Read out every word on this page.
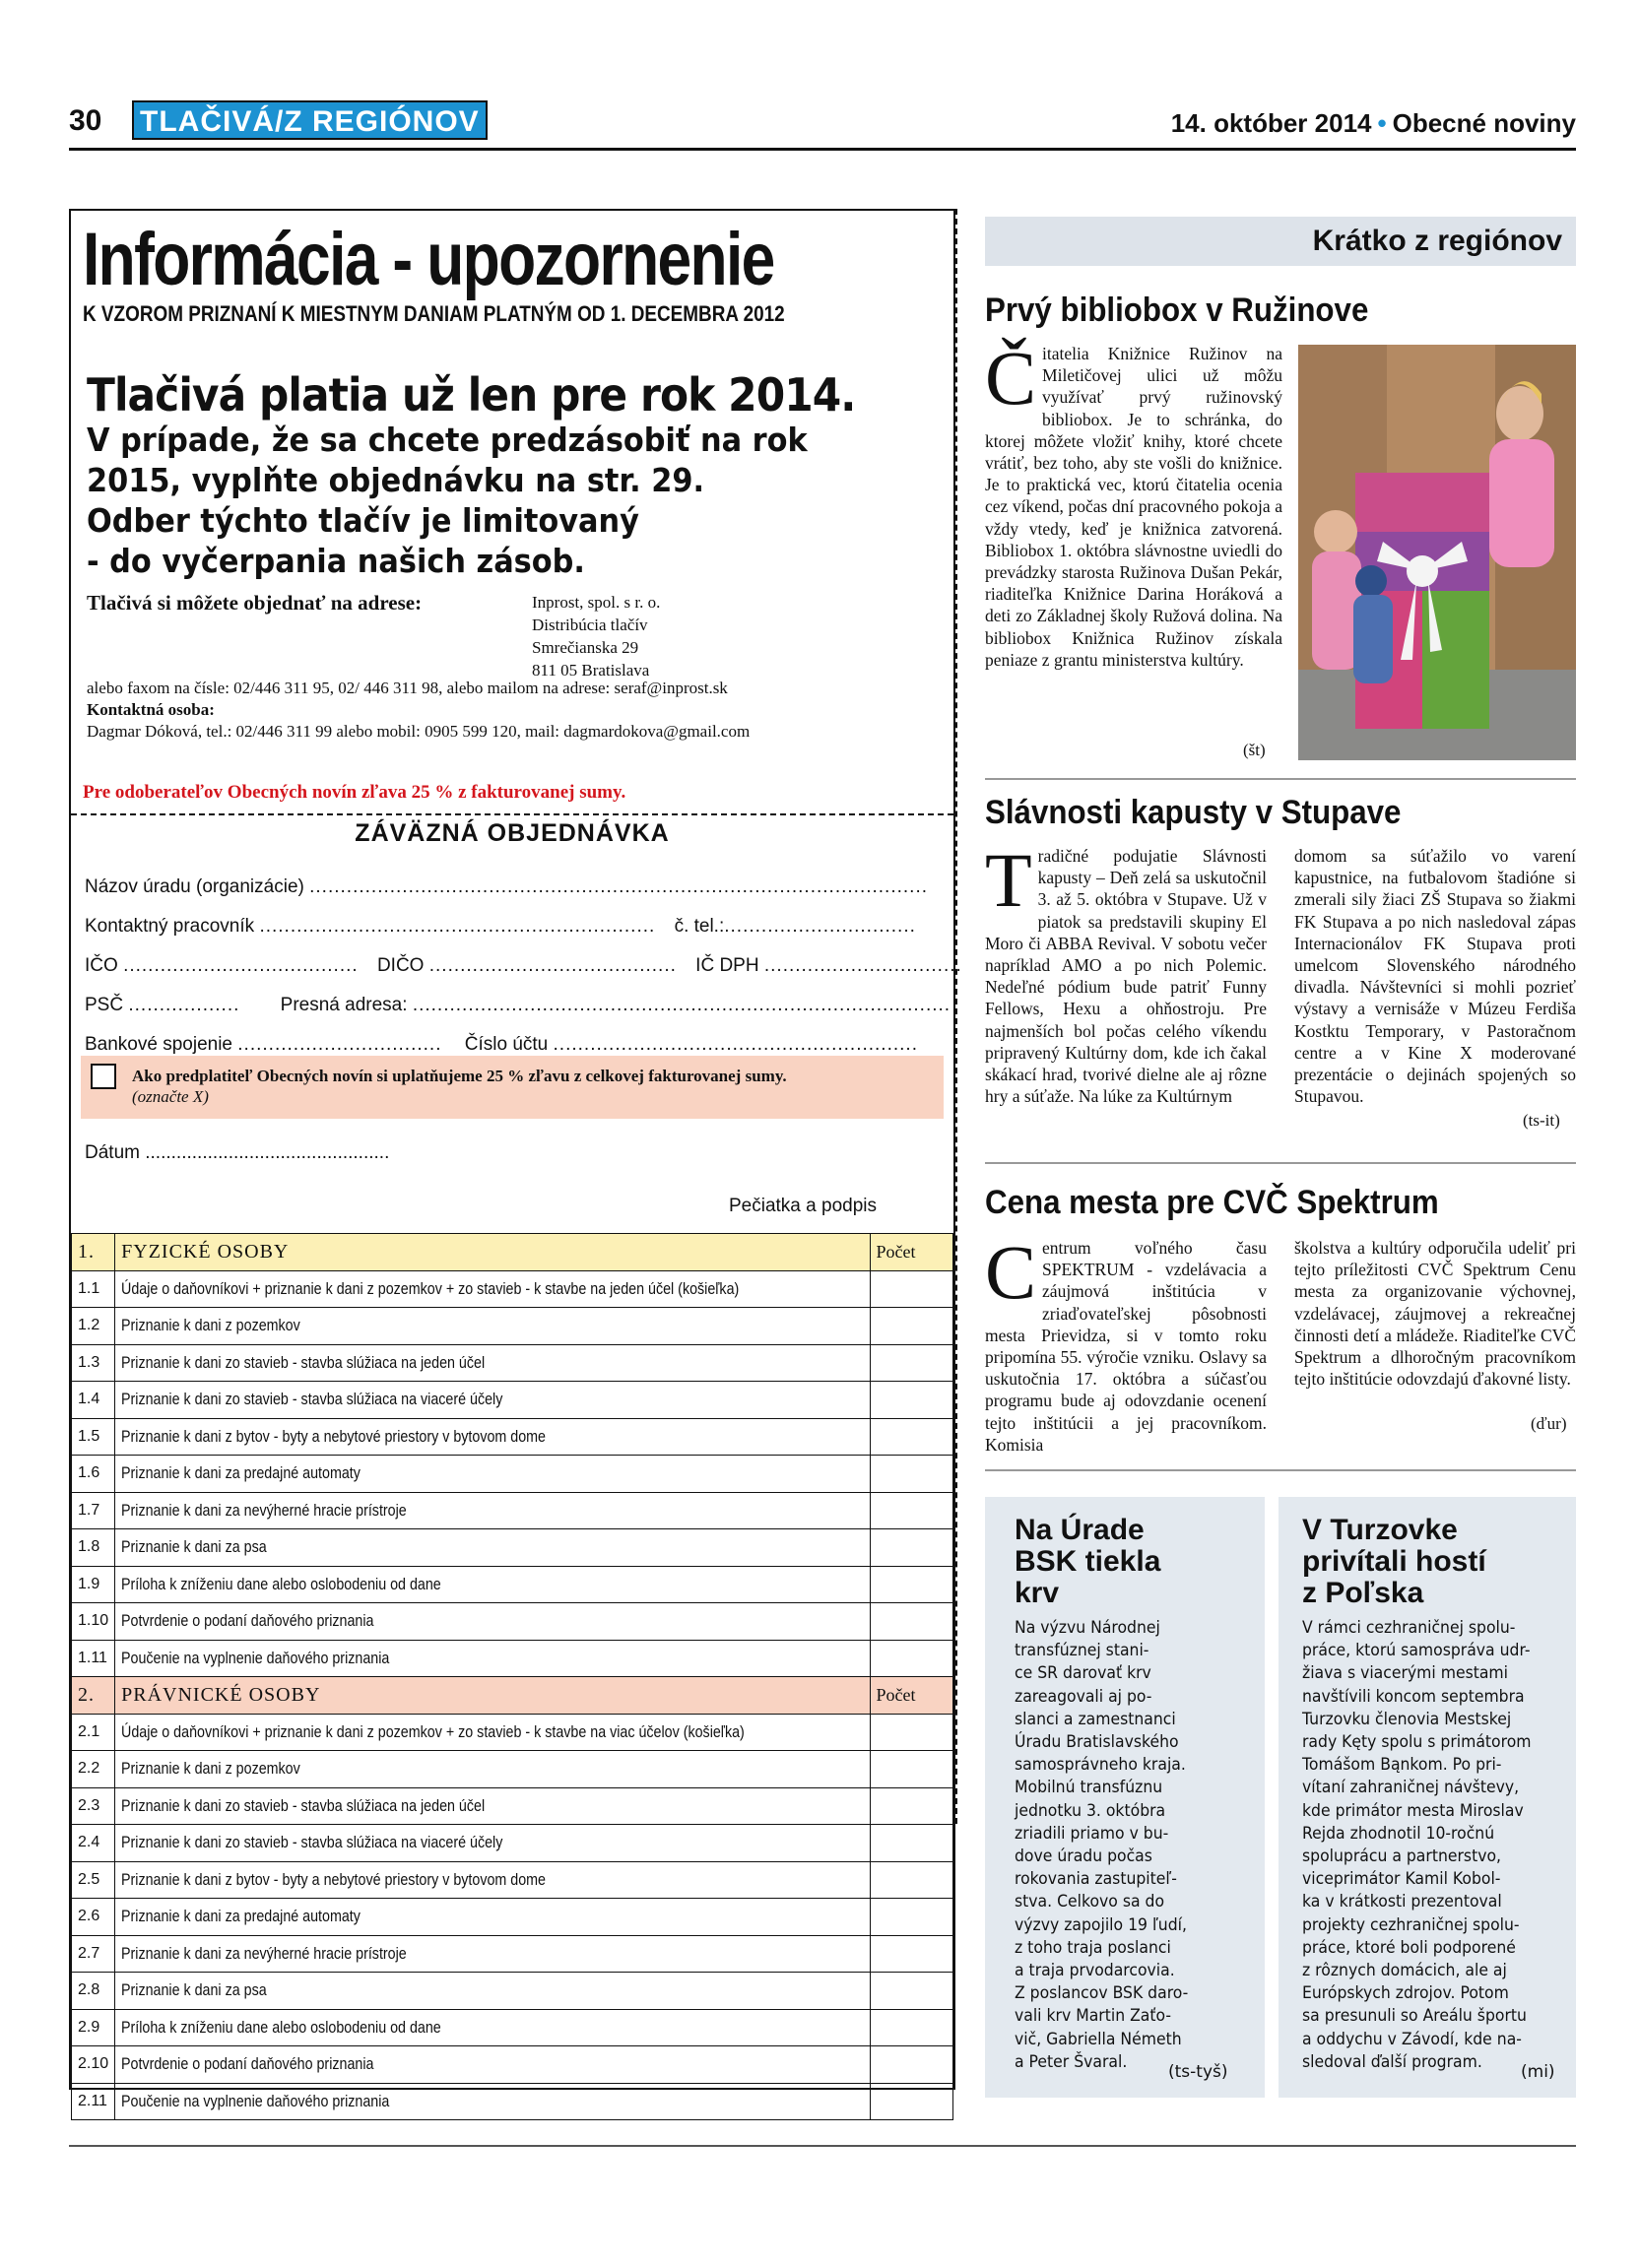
30 TLAČIVÁ/Z REGIÓNOV	14. október 2014 • Obecné noviny
Informácia - upozornenie
K VZOROM PRIZNANÍ K MIESTNYM DANIAM PLATNÝM OD 1. DECEMBRA 2012
Tlačivá platia už len pre rok 2014.
V prípade, že sa chcete predzásobiť na rok
2015, vyplňte objednávku na str. 29.
Odber týchto tlačív je limitovaný
- do vyčerpania našich zásob.
Tlačivá si môžete objednať na adrese:	Inprost, spol. s r. o.
Distribúcia tlačív
Smrečianska 29
811 05 Bratislava
alebo faxom na čísle: 02/446 311 95, 02/ 446 311 98, alebo mailom na adrese: seraf@inprost.sk
Kontaktná osoba:
Dagmar Dóková, tel.: 02/446 311 99 alebo mobil: 0905 599 120, mail: dagmardokova@gmail.com
Pre odoberateľov Obecných novín zľava 25 % z fakturovanej sumy.
ZÁVÄZNÁ OBJEDNÁVKA
Názov úradu (organizácie) ....................................................................................................
Kontaktný pracovník ................................................................ č. tel.:...............................
IČO ...................................... DIČO ........................................ IČ DPH ................................
PSČ .................. Presná adresa: .......................................................................................
Bankové spojenie ................................. Číslo účtu ...........................................................
Ako predplatiteľ Obecných novín si uplatňujeme 25 % zľavu z celkovej fakturovanej sumy.
(označte X)
Dátum ...............................................
Pečiatka a podpis
1.	FYZICKÉ OSOBY	Počet
1.1	Údaje o daňovníkovi + priznanie k dani z pozemkov + zo stavieb - k stavbe na jeden účel (košieľka)	
1.2	Priznanie k dani z pozemkov	
1.3	Priznanie k dani zo stavieb - stavba slúžiaca na jeden účel	
1.4	Priznanie k dani zo stavieb - stavba slúžiaca na viaceré účely	
1.5	Priznanie k dani z bytov - byty a nebytové priestory v bytovom dome	
1.6	Priznanie k dani za predajné automaty	
1.7	Priznanie k dani za nevýherné hracie prístroje	
1.8	Priznanie k dani za psa	
1.9	Príloha k zníženiu dane alebo oslobodeniu od dane	
1.10	Potvrdenie o podaní daňového priznania	
1.11	Poučenie na vyplnenie daňového priznania	
2.	PRÁVNICKÉ OSOBY	Počet
2.1	Údaje o daňovníkovi + priznanie k dani z pozemkov + zo stavieb - k stavbe na viac účelov (košieľka)	
2.2	Priznanie k dani z pozemkov	
2.3	Priznanie k dani zo stavieb - stavba slúžiaca na jeden účel	
2.4	Priznanie k dani zo stavieb - stavba slúžiaca na viaceré účely	
2.5	Priznanie k dani z bytov - byty a nebytové priestory v bytovom dome	
2.6	Priznanie k dani za predajné automaty	
2.7	Priznanie k dani za nevýherné hracie prístroje	
2.8	Priznanie k dani za psa	
2.9	Príloha k zníženiu dane alebo oslobodeniu od dane	
2.10	Potvrdenie o podaní daňového priznania	
2.11	Poučenie na vyplnenie daňového priznania	
Krátko z regiónov
Prvý bibliobox v Ružinove
Čitatelia Knižnice Ružinov na Miletičovej ulici už môžu využívať prvý ružinovský bibliobox. Je to schránka, do ktorej môžete vložiť knihy, ktoré chcete vrátiť, bez toho, aby ste vošli do knižnice. Je to praktická vec, ktorú čitatelia ocenia cez víkend, počas dní pracovného pokoja a vždy vtedy, keď je knižnica zatvorená. Bibliobox 1. októbra slávnostne uviedli do prevádzky starosta Ružinova Dušan Pekár, riaditeľka Knižnice Darina Horáková a deti zo Základnej školy Ružová dolina. Na bibliobox Knižnica Ružinov získala peniaze z grantu ministerstva kultúry.
(št)
Slávnosti kapusty v Stupave
Tradičné podujatie Slávnosti kapusty – Deň zelá sa uskutočnil 3. až 5. októbra v Stupave. Už v piatok sa predstavili skupiny El Moro či ABBA Revival. V sobotu večer napríklad AMO a po nich Polemic. Nedeľné pódium bude patriť Funny Fellows, Hexu a ohňostroju. Pre najmenších bol počas celého víkendu pripravený Kultúrny dom, kde ich čakal skákací hrad, tvorivé dielne ale aj rôzne hry a súťaže. Na lúke za Kultúrnym
domom sa súťažilo vo varení kapustnice, na futbalovom štadióne si zmerali sily žiaci ZŠ Stupava so žiakmi FK Stupava a po nich nasledoval zápas Internacionálov FK Stupava proti umelcom Slovenského národného divadla. Návštevníci si mohli pozrieť výstavy a vernisáže v Múzeu Ferdiša Kostktu Temporary, v Pastoračnom centre a v Kine X moderované prezentácie o dejinách spojených so Stupavou.
(ts-it)
Cena mesta pre CVČ Spektrum
Centrum voľného času SPEKTRUM - vzdelávacia a záujmová inštitúcia v zriaďovateľskej pôsobnosti mesta Prievidza, si v tomto roku pripomína 55. výročie vzniku. Oslavy sa uskutočnia 17. októbra a súčasťou programu bude aj odovzdanie ocenení tejto inštitúcii a jej pracovníkom. Komisia
školstva a kultúry odporučila udeliť pri tejto príležitosti CVČ Spektrum Cenu mesta za organizovanie výchovnej, vzdelávacej, záujmovej a rekreačnej činnosti detí a mládeže. Riaditeľke CVČ Spektrum a dlhoročným pracovníkom tejto inštitúcie odovzdajú ďakovné listy.
(ďur)
Na Úrade
BSK tiekla
krv
Na výzvu Národnej
transfúznej stani-
ce SR darovať krv
zareagovali aj po-
slanci a zamestnanci
Úradu Bratislavského
samosprávneho kraja.
Mobilnú transfúznu
jednotku 3. októbra
zriadili priamo v bu-
dove úradu počas
rokovania zastupiteľ-
stva. Celkovo sa do
výzvy zapojilo 19 ľudí,
z toho traja poslanci
a traja prvodarcovia.
Z poslancov BSK daro-
vali krv Martin Zaťo-
vič, Gabriella Németh
a Peter Švaral.
(ts-tyš)
V Turzovke
privítali hostí
z Poľska
V rámci cezhraničnej spolu-
práce, ktorú samospráva udr-
žiava s viacerými mestami
navštívili koncom septembra
Turzovku členovia Mestskej
rady Kęty spolu s primátorom
Tomášom Bąnkom. Po pri-
vítaní zahraničnej návštevy,
kde primátor mesta Miroslav
Rejda zhodnotil 10-ročnú
spoluprácu a partnerstvo,
viceprimátor Kamil Kobol-
ka v krátkosti prezentoval
projekty cezhraničnej spolu-
práce, ktoré boli podporené
z rôznych domácich, ale aj
Európskych zdrojov. Potom
sa presunuli so Areálu športu
a oddychu v Závodí, kde na-
sledoval ďalší program.
(mi)
